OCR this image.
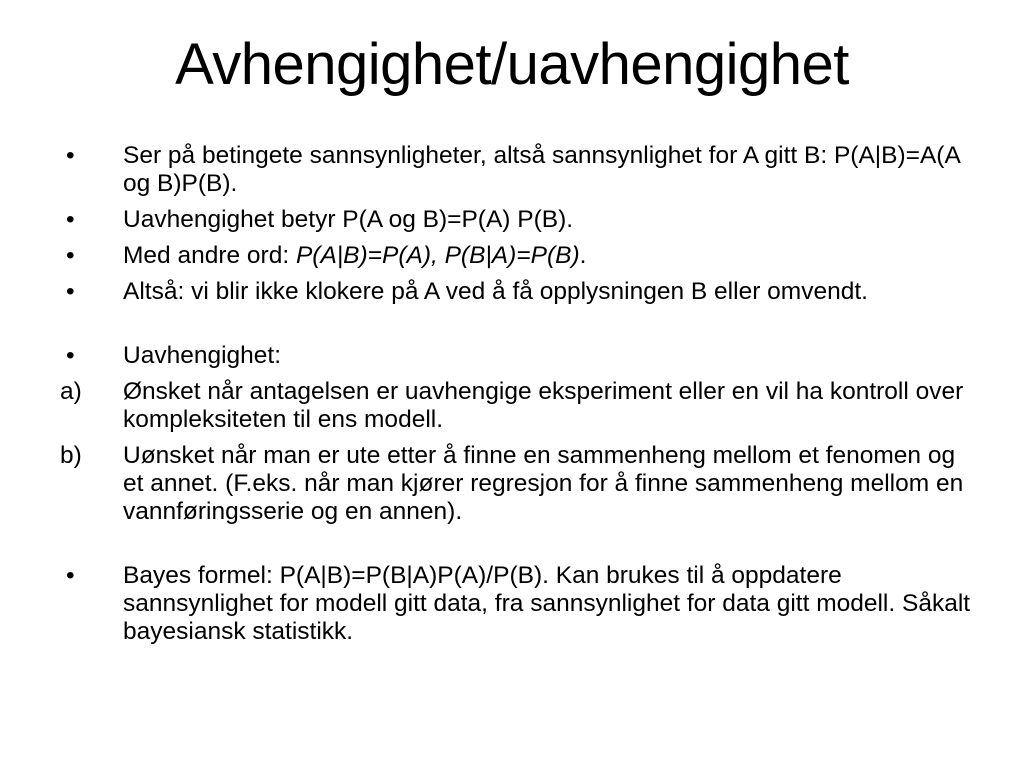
Avhengighet/uavhengighet
•	Ser på betingete sannsynligheter, altså sannsynlighet for A gitt B: P(A|B)=A(A og B)P(B).
•	Uavhengighet betyr P(A og B)=P(A) P(B).
•	Med andre ord: P(A|B)=P(A), P(B|A)=P(B).
•	Altså: vi blir ikke klokere på A ved å få opplysningen B eller omvendt.
•	Uavhengighet:
a)	Ønsket når antagelsen er uavhengige eksperiment eller en vil ha kontroll over kompleksiteten til ens modell.
b)	Uønsket når man er ute etter å finne en sammenheng mellom et fenomen og et annet. (F.eks. når man kjører regresjon for å finne sammenheng mellom en vannføringsserie og en annen).
•	Bayes formel: P(A|B)=P(B|A)P(A)/P(B). Kan brukes til å oppdatere sannsynlighet for modell gitt data, fra sannsynlighet for data gitt modell. Såkalt bayesiansk statistikk.
